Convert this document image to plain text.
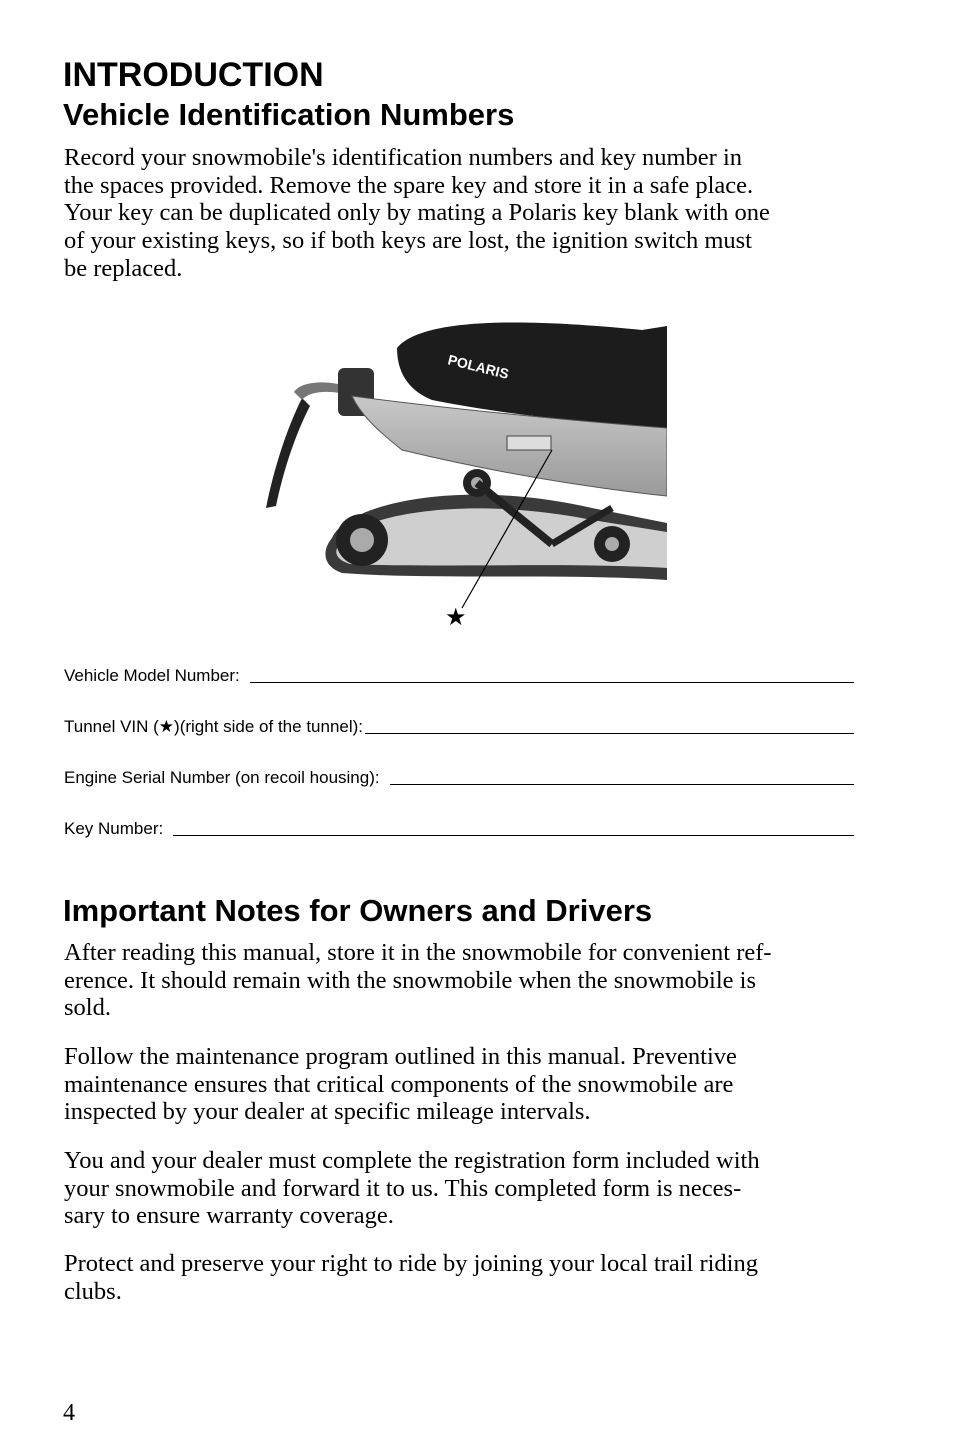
INTRODUCTION
Vehicle Identification Numbers
Record your snowmobile's identification numbers and key number in
the spaces provided. Remove the spare key and store it in a safe place.
Your key can be duplicated only by mating a Polaris key blank with one
of your existing keys, so if both keys are lost, the ignition switch must
be replaced.
POLARIS
★
Vehicle Model Number:
Tunnel VIN (★)(right side of the tunnel):
Engine Serial Number (on recoil housing):
Key Number:
Important Notes for Owners and Drivers
After reading this manual, store it in the snowmobile for convenient ref-
erence. It should remain with the snowmobile when the snowmobile is
sold.
Follow the maintenance program outlined in this manual. Preventive
maintenance ensures that critical components of the snowmobile are
inspected by your dealer at specific mileage intervals.
You and your dealer must complete the registration form included with
your snowmobile and forward it to us. This completed form is neces-
sary to ensure warranty coverage.
Protect and preserve your right to ride by joining your local trail riding
clubs.
4
